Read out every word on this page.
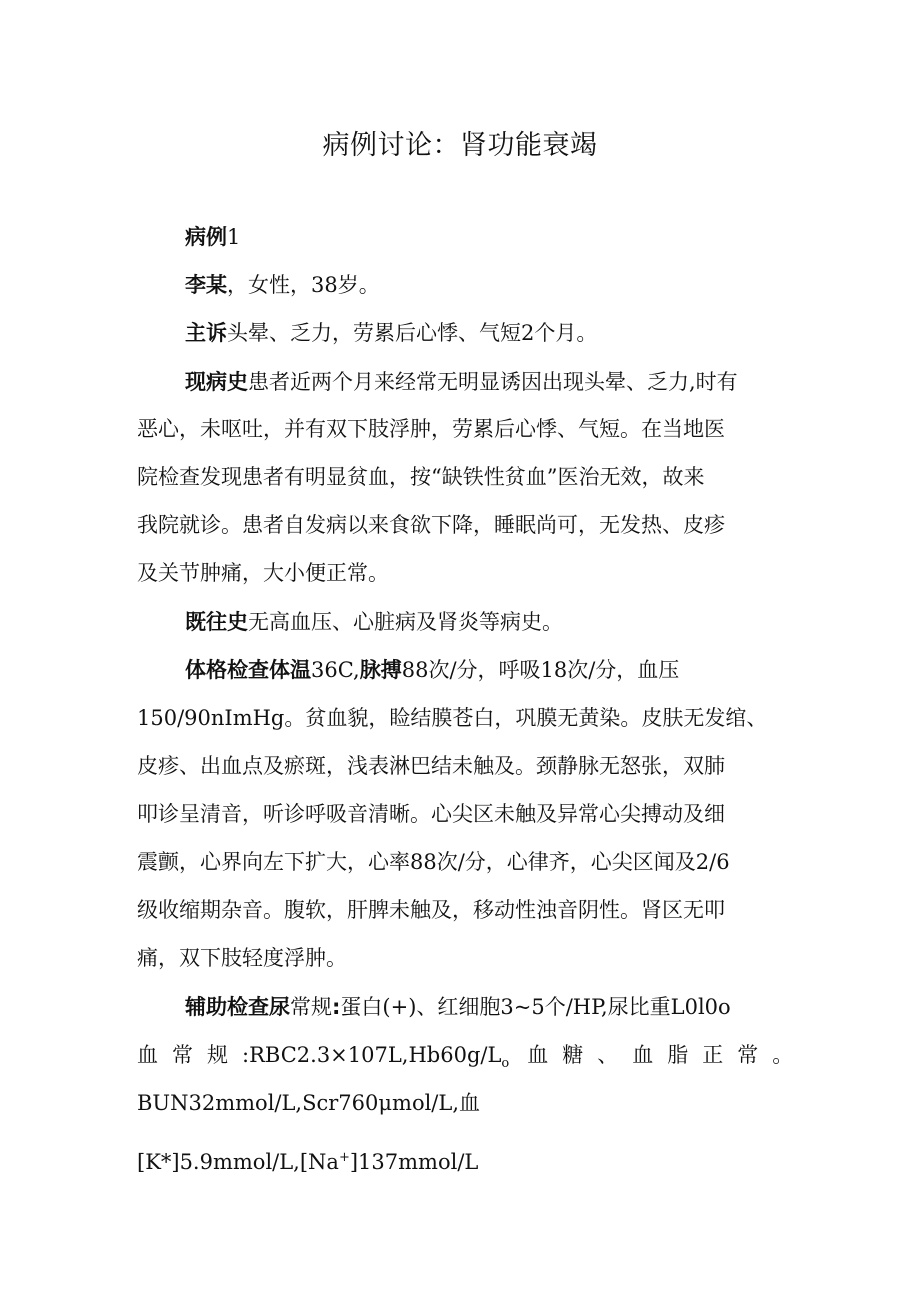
病例讨论：肾功能衰竭
病例1
李某，女性，38岁。
主诉头晕、乏力，劳累后心悸、气短2个月。
现病史患者近两个月来经常无明显诱因出现头晕、乏力,时有
恶心，未呕吐，并有双下肢浮肿，劳累后心悸、气短。在当地医
院检查发现患者有明显贫血，按“缺铁性贫血”医治无效，故来
我院就诊。患者自发病以来食欲下降，睡眠尚可，无发热、皮疹
及关节肿痛，大小便正常。
既往史无高血压、心脏病及肾炎等病史。
体格检查体温36C,脉搏88次/分，呼吸18次/分，血压
150/90nImHg。贫血貌，睑结膜苍白，巩膜无黄染。皮肤无发绾、
皮疹、出血点及瘀斑，浅表淋巴结未触及。颈静脉无怒张，双肺
叩诊呈清音，听诊呼吸音清晰。心尖区未触及异常心尖搏动及细
震颤，心界向左下扩大，心率88次/分，心律齐，心尖区闻及2/6
级收缩期杂音。腹软，肝脾未触及，移动性浊音阴性。肾区无叩
痛，双下肢轻度浮肿。
辅助检查尿常规:蛋白(+)、红细胞3~5个/HP,尿比重L0l0o
血常规$:RBC2.3\times 107L,Hb60g/L_o$ 血糖、血脂正常。
BUN32mmol/L,Scr760μmol/L,血
[K*]5.9mmol/L,[Na+]137mmol/L
